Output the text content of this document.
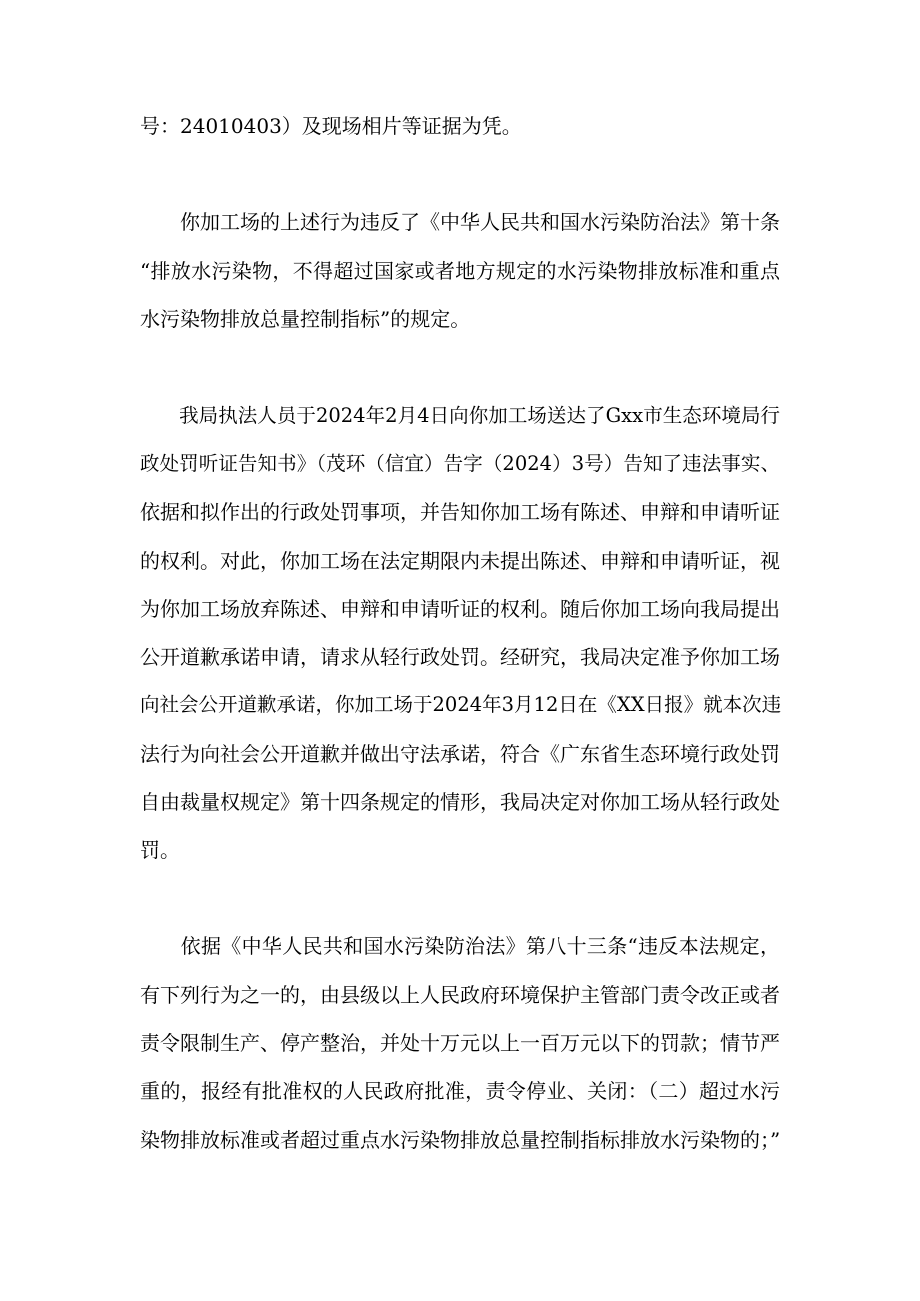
号：24010403）及现场相片等证据为凭。
　　你加工场的上述行为违反了《中华人民共和国水污染防治法》第十条
“排放水污染物，不得超过国家或者地方规定的水污染物排放标准和重点
水污染物排放总量控制指标”的规定。
　　我局执法人员于2024年2月4日向你加工场送达了Gxx市生态环境局行
政处罚听证告知书》（茂环（信宜）告字（2024）3号）告知了违法事实、
依据和拟作出的行政处罚事项，并告知你加工场有陈述、申辩和申请听证
的权利。对此，你加工场在法定期限内未提出陈述、申辩和申请听证，视
为你加工场放弃陈述、申辩和申请听证的权利。随后你加工场向我局提出
公开道歉承诺申请，请求从轻行政处罚。经研究，我局决定准予你加工场
向社会公开道歉承诺，你加工场于2024年3月12日在《XX日报》就本次违
法行为向社会公开道歉并做出守法承诺，符合《广东省生态环境行政处罚
自由裁量权规定》第十四条规定的情形，我局决定对你加工场从轻行政处
罚。
　　依据《中华人民共和国水污染防治法》第八十三条“违反本法规定，
有下列行为之一的，由县级以上人民政府环境保护主管部门责令改正或者
责令限制生产、停产整治，并处十万元以上一百万元以下的罚款；情节严
重的，报经有批准权的人民政府批准，责令停业、关闭：（二）超过水污
染物排放标准或者超过重点水污染物排放总量控制指标排放水污染物的；”
